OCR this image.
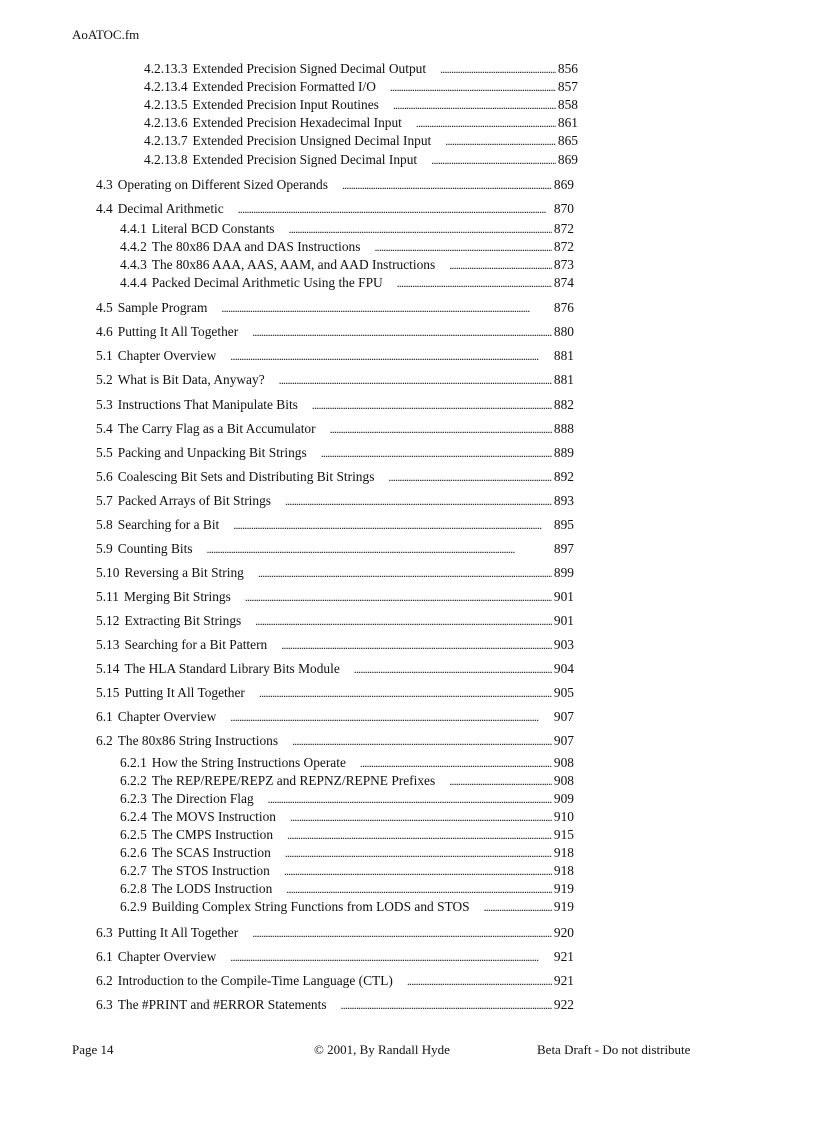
AoATOC.fm
4.2.13.3 Extended Precision Signed Decimal Output . . .	856
4.2.13.4 Extended Precision Formatted I/O . . .	857
4.2.13.5 Extended Precision Input Routines . . .	858
4.2.13.6 Extended Precision Hexadecimal Input . . .	861
4.2.13.7 Extended Precision Unsigned Decimal Input . . .	865
4.2.13.8 Extended Precision Signed Decimal Input . . .	869
4.3 Operating on Different Sized Operands . . .	869
4.4 Decimal Arithmetic . . .	870
4.4.1 Literal BCD Constants . . .	872
4.4.2 The 80x86 DAA and DAS Instructions . . .	872
4.4.3 The 80x86 AAA, AAS, AAM, and AAD Instructions . . .	873
4.4.4 Packed Decimal Arithmetic Using the FPU . . .	874
4.5 Sample Program . . .	876
4.6 Putting It All Together . . .	880
5.1 Chapter Overview . . .	881
5.2 What is Bit Data, Anyway? . . .	881
5.3 Instructions That Manipulate Bits . . .	882
5.4 The Carry Flag as a Bit Accumulator . . .	888
5.5 Packing and Unpacking Bit Strings . . .	889
5.6 Coalescing Bit Sets and Distributing Bit Strings . . .	892
5.7 Packed Arrays of Bit Strings . . .	893
5.8 Searching for a Bit . . .	895
5.9 Counting Bits . . .	897
5.10 Reversing a Bit String . . .	899
5.11 Merging Bit Strings . . .	901
5.12 Extracting Bit Strings . . .	901
5.13 Searching for a Bit Pattern . . .	903
5.14 The HLA Standard Library Bits Module . . .	904
5.15 Putting It All Together . . .	905
6.1 Chapter Overview . . .	907
6.2 The 80x86 String Instructions . . .	907
6.2.1 How the String Instructions Operate . . .	908
6.2.2 The REP/REPE/REPZ and REPNZ/REPNE Prefixes . . .	908
6.2.3 The Direction Flag . . .	909
6.2.4 The MOVS Instruction . . .	910
6.2.5 The CMPS Instruction . . .	915
6.2.6 The SCAS Instruction . . .	918
6.2.7 The STOS Instruction . . .	918
6.2.8 The LODS Instruction . . .	919
6.2.9 Building Complex String Functions from LODS and STOS . . .	919
6.3 Putting It All Together . . .	920
6.1 Chapter Overview . . .	921
6.2 Introduction to the Compile-Time Language (CTL) . . .	921
6.3 The #PRINT and #ERROR Statements . . .	922
Page 14	© 2001, By Randall Hyde	Beta Draft - Do not distribute
